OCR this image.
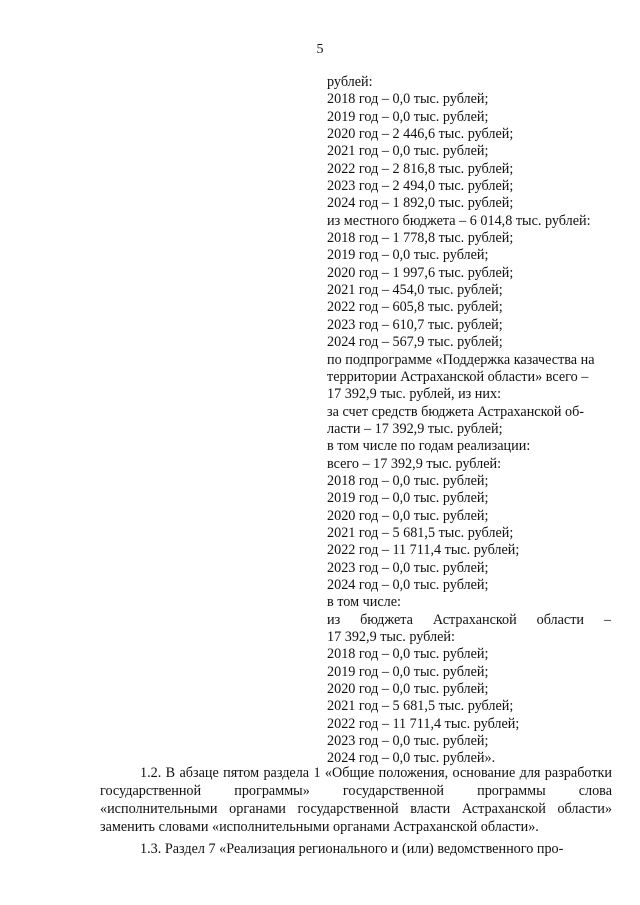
5
рублей:
2018 год – 0,0 тыс. рублей;
2019 год – 0,0 тыс. рублей;
2020 год – 2 446,6 тыс. рублей;
2021 год – 0,0 тыс. рублей;
2022 год – 2 816,8 тыс. рублей;
2023 год – 2 494,0 тыс. рублей;
2024 год – 1 892,0 тыс. рублей;
из местного бюджета – 6 014,8 тыс. рублей:
2018 год – 1 778,8 тыс. рублей;
2019 год – 0,0 тыс. рублей;
2020 год – 1 997,6 тыс. рублей;
2021 год – 454,0 тыс. рублей;
2022 год – 605,8 тыс. рублей;
2023 год – 610,7 тыс. рублей;
2024 год – 567,9 тыс. рублей;
по подпрограмме «Поддержка казачества на
территории Астраханской области» всего –
17 392,9 тыс. рублей, из них:
за счет средств бюджета Астраханской об-
ласти – 17 392,9 тыс. рублей;
в том числе по годам реализации:
всего – 17 392,9 тыс. рублей:
2018 год – 0,0 тыс. рублей;
2019 год – 0,0 тыс. рублей;
2020 год – 0,0 тыс. рублей;
2021 год – 5 681,5 тыс. рублей;
2022 год – 11 711,4 тыс. рублей;
2023 год – 0,0 тыс. рублей;
2024 год – 0,0 тыс. рублей;
в том числе:
из бюджета Астраханской области –
17 392,9 тыс. рублей:
2018 год – 0,0 тыс. рублей;
2019 год – 0,0 тыс. рублей;
2020 год – 0,0 тыс. рублей;
2021 год – 5 681,5 тыс. рублей;
2022 год – 11 711,4 тыс. рублей;
2023 год – 0,0 тыс. рублей;
2024 год – 0,0 тыс. рублей».

1.2. В абзаце пятом раздела 1 «Общие положения, основание для разработки государственной программы» государственной программы слова «исполнительными органами государственной власти Астраханской области» заменить словами «исполнительными органами Астраханской области».

1.3. Раздел 7 «Реализация регионального и (или) ведомственного про-
